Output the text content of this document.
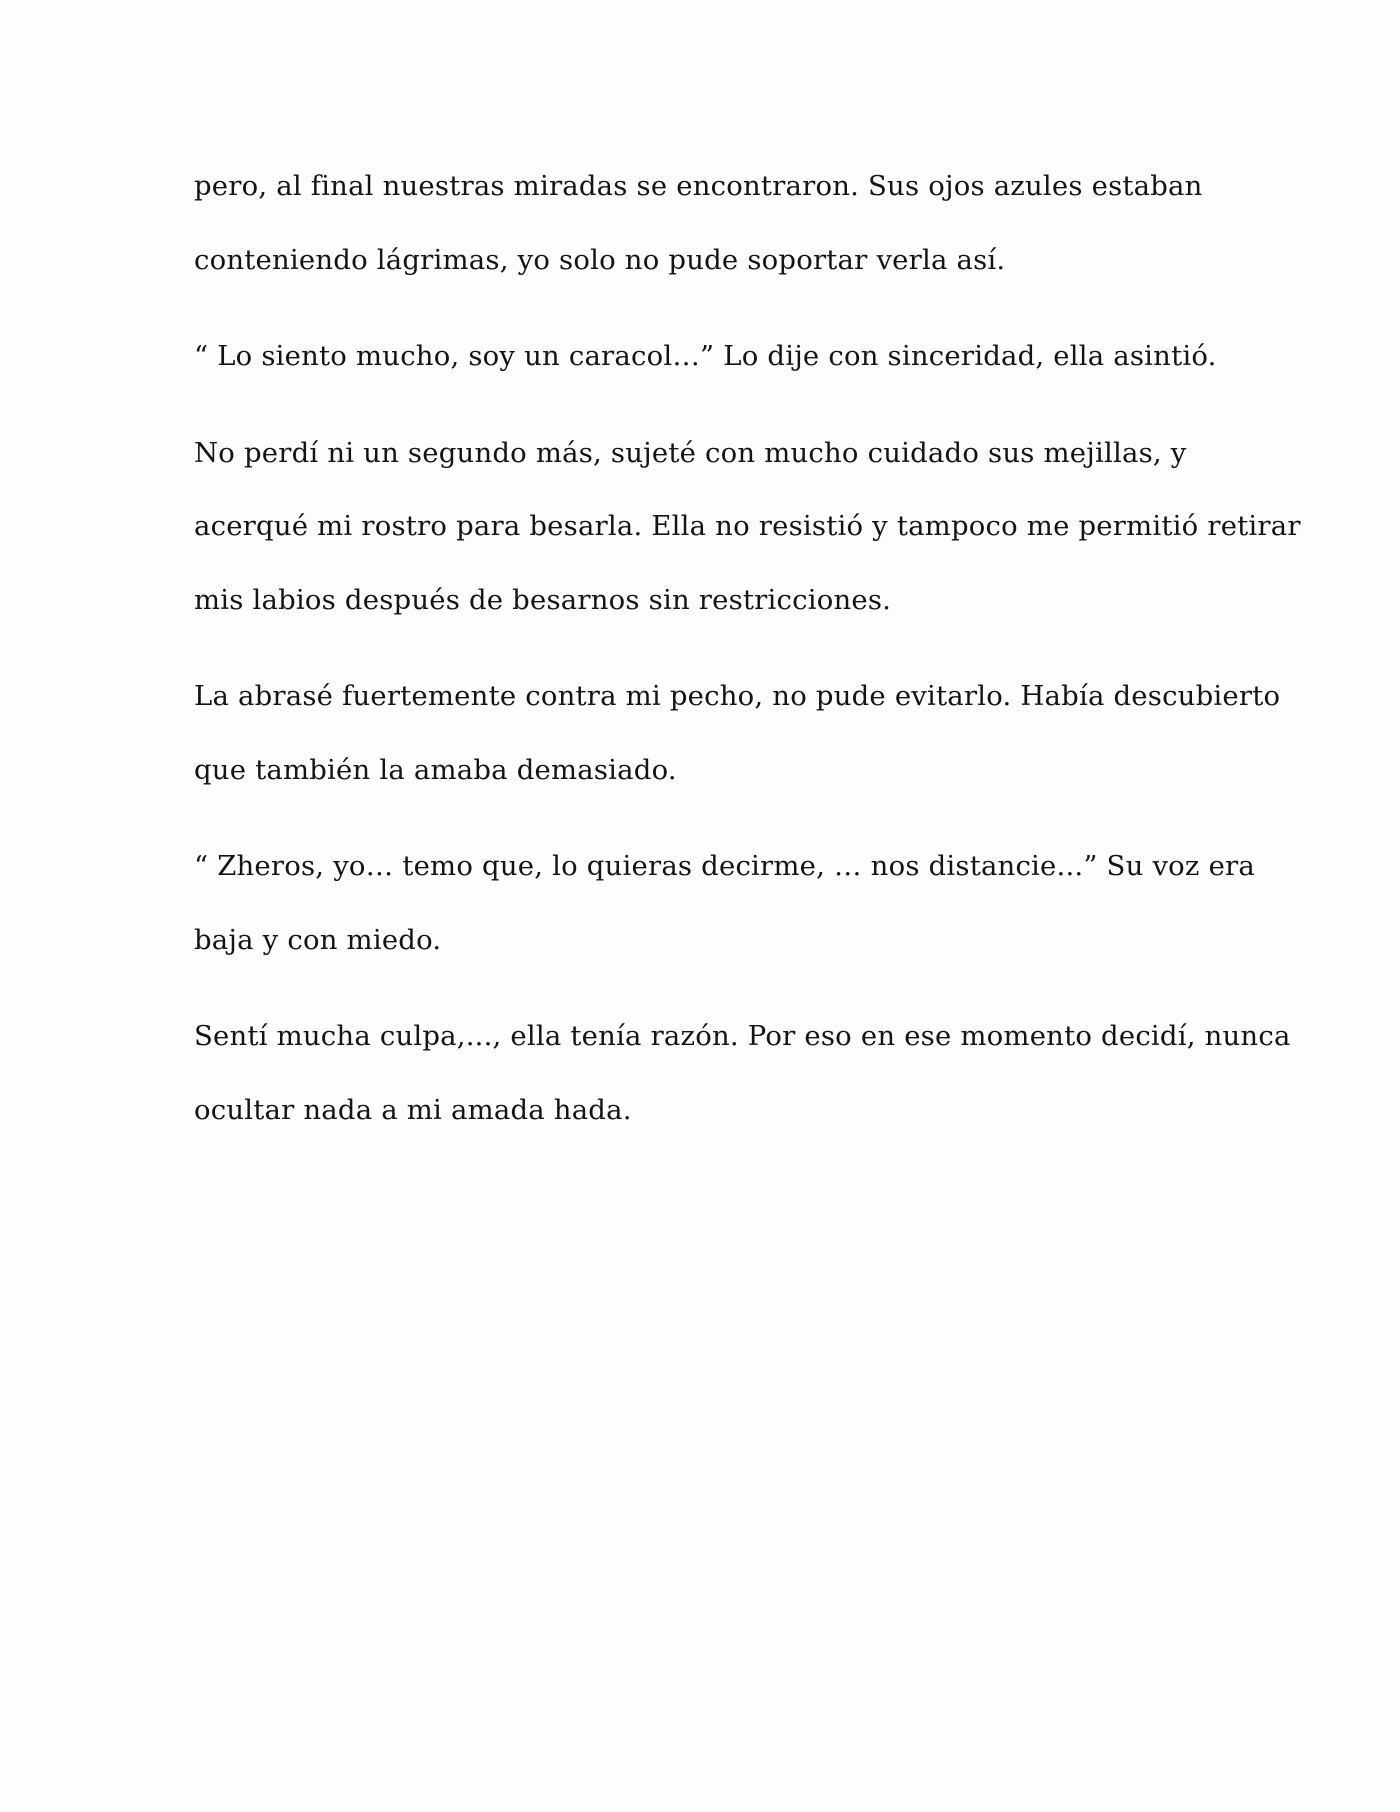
pero, al final nuestras miradas se encontraron. Sus ojos azules estaban
conteniendo lágrimas, yo solo no pude soportar verla así.
“ Lo siento mucho, soy un caracol…” Lo dije con sinceridad, ella asintió.
No perdí ni un segundo más, sujeté con mucho cuidado sus mejillas, y
acerqué mi rostro para besarla. Ella no resistió y tampoco me permitió retirar
mis labios después de besarnos sin restricciones.
La abrasé fuertemente contra mi pecho, no pude evitarlo. Había descubierto
que también la amaba demasiado.
“ Zheros, yo… temo que, lo quieras decirme, … nos distancie...” Su voz era
baja y con miedo.
Sentí mucha culpa,..., ella tenía razón. Por eso en ese momento decidí, nunca
ocultar nada a mi amada hada.
